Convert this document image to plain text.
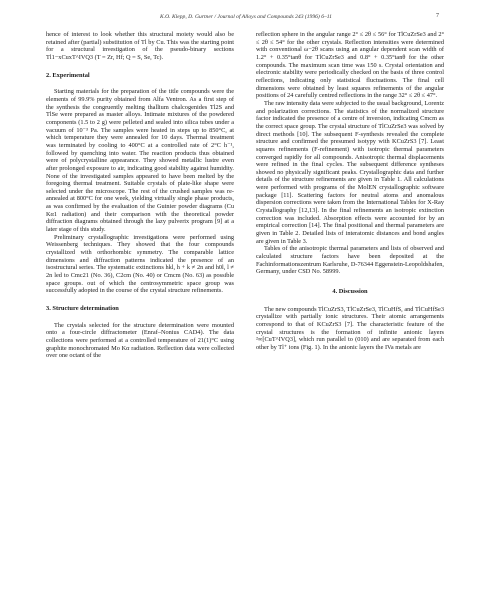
K.O. Klepp, D. Gurtner / Journal of Alloys and Compounds 243 (1996) 6–11	7

hence of interest to look whether this structural moiety would also be retained after (partial) substitution of Tl by Cu. This was the starting point for a structural investigation of the pseudo-binary sections Tl1−xCuxT^IVQ3 (T = Zr, Hf; Q = S, Se, Tc).

2. Experimental

Starting materials for the preparation of the title compounds were the elements of 99.9% purity obtained from Alfa Ventron. As a first step of the synthesis the congruently melting thallium chalcogenides Tl2S and TlSe were prepared as master alloys. Intimate mixtures of the powdered components (1.5 to 2 g) were pelleted and sealed into silica tubes under a vacuum of 10⁻³ Pa. The samples were heated in steps up to 850°C, at which temperature they were annealed for 10 days. Thermal treatment was terminated by cooling to 400°C at a controlled rate of 2°C h⁻¹, followed by quenching into water. The reaction products thus obtained were of polycrystalline appearance. They showed metallic lustre even after prolonged exposure to air, indicating good stability against humidity. None of the investigated samples appeared to have been melted by the foregoing thermal treatment. Suitable crystals of plate-like shape were selected under the microscope. The rest of the crushed samples was re-annealed at 800°C for one week, yielding virtually single phase products, as was confirmed by the evaluation of the Guinier powder diagrams (Cu Kα1 radiation) and their comparison with the theoretical powder diffraction diagrams obtained through the lazy pulverix program [9] at a later stage of this study.

Preliminary crystallographic investigations were performed using Weissenberg techniques. They showed that the four compounds crystallized with orthorhombic symmetry. The comparable lattice dimensions and diffraction patterns indicated the presence of an isostructural series. The systematic extinctions hkl, h + k ≠ 2n and h0l, l ≠ 2n led to Cmc21 (No. 36), C2cm (No. 40) or Cmcm (No. 63) as possible space groups. out of which the centrosymmetric space group was successfully adopted in the course of the crystal structure refinements.

3. Structure determination

The crystals selected for the structure determination were mounted onto a four-circle diffractometer (Enraf–Nonius CAD4). The data collections were performed at a controlled temperature of 21(1)°C using graphite monochromated Mo Kα radiation. Reflection data were collected over one octant of the

reflection sphere in the angular range 2° ≤ 2θ ≤ 56° for TlCuZrSe3 and 2° ≤ 2θ ≤ 54° for the other crystals. Reflection intensities were determined with conventional ω−2θ scans using an angular dependent scan width of 1.2° + 0.35°tanθ for TlCuZrSe3 and 0.8° + 0.35°tanθ for the other compounds. The maximum scan time was 150 s. Crystal orientation and electronic stability were periodically checked on the basis of three control reflections, indicating only statistical fluctuations. The final cell dimensions were obtained by least squares refinements of the angular positions of 24 carefully centred reflections in the range 32° ≤ 2θ ≤ 47°.

The raw intensity data were subjected to the usual background, Lorentz and polarization corrections. The statistics of the normalized structure factor indicated the presence of a centre of inversion, indicating Cmcm as the correct space group. The crystal structure of TlCuZrSe3 was solved by direct methods [10]. The subsequent F-synthesis revealed the complete structure and confirmed the presumed isotypy with KCuZrS3 [7]. Least squares refinements (F-refinement) with isotropic thermal parameters converged rapidly for all compounds. Anisotropic thermal displacements were refined in the final cycles. The subsequent difference syntheses showed no physically significant peaks. Crystallographic data and further details of the structure refinements are given in Table 1. All calculations were performed with programs of the MolEN crystallographic software package [11]. Scattering factors for neutral atoms and anomalous dispersion corrections were taken from the International Tables for X-Ray Crystallography [12,13]. In the final refinements an isotropic extinction correction was included. Absorption effects were accounted for by an empirical correction [14]. The final positional and thermal parameters are given in Table 2. Detailed lists of interatomic distances and bond angles are given in Table 3.

Tables of the anisotropic thermal parameters and lists of observed and calculated structure factors have been deposited at the Fachinformationszentrum Karlsruhe, D-76344 Eggenstein-Leopoldshafen, Germany, under CSD No. 58999.

4. Discussion

The new compounds TlCuZrS3, TlCuZrSe3, TlCuHfS, and TlCuHfSe3 crystallize with partially ionic structures. Their atomic arrangements correspond to that of KCuZrS3 [7]. The characteristic feature of the crystal structures is the formation of infinite anionic layers ²∞[CuT^IVQ3], which run parallel to (010) and are separated from each other by Tl⁺ ions (Fig. 1). In the anionic layers the IVa metals are
